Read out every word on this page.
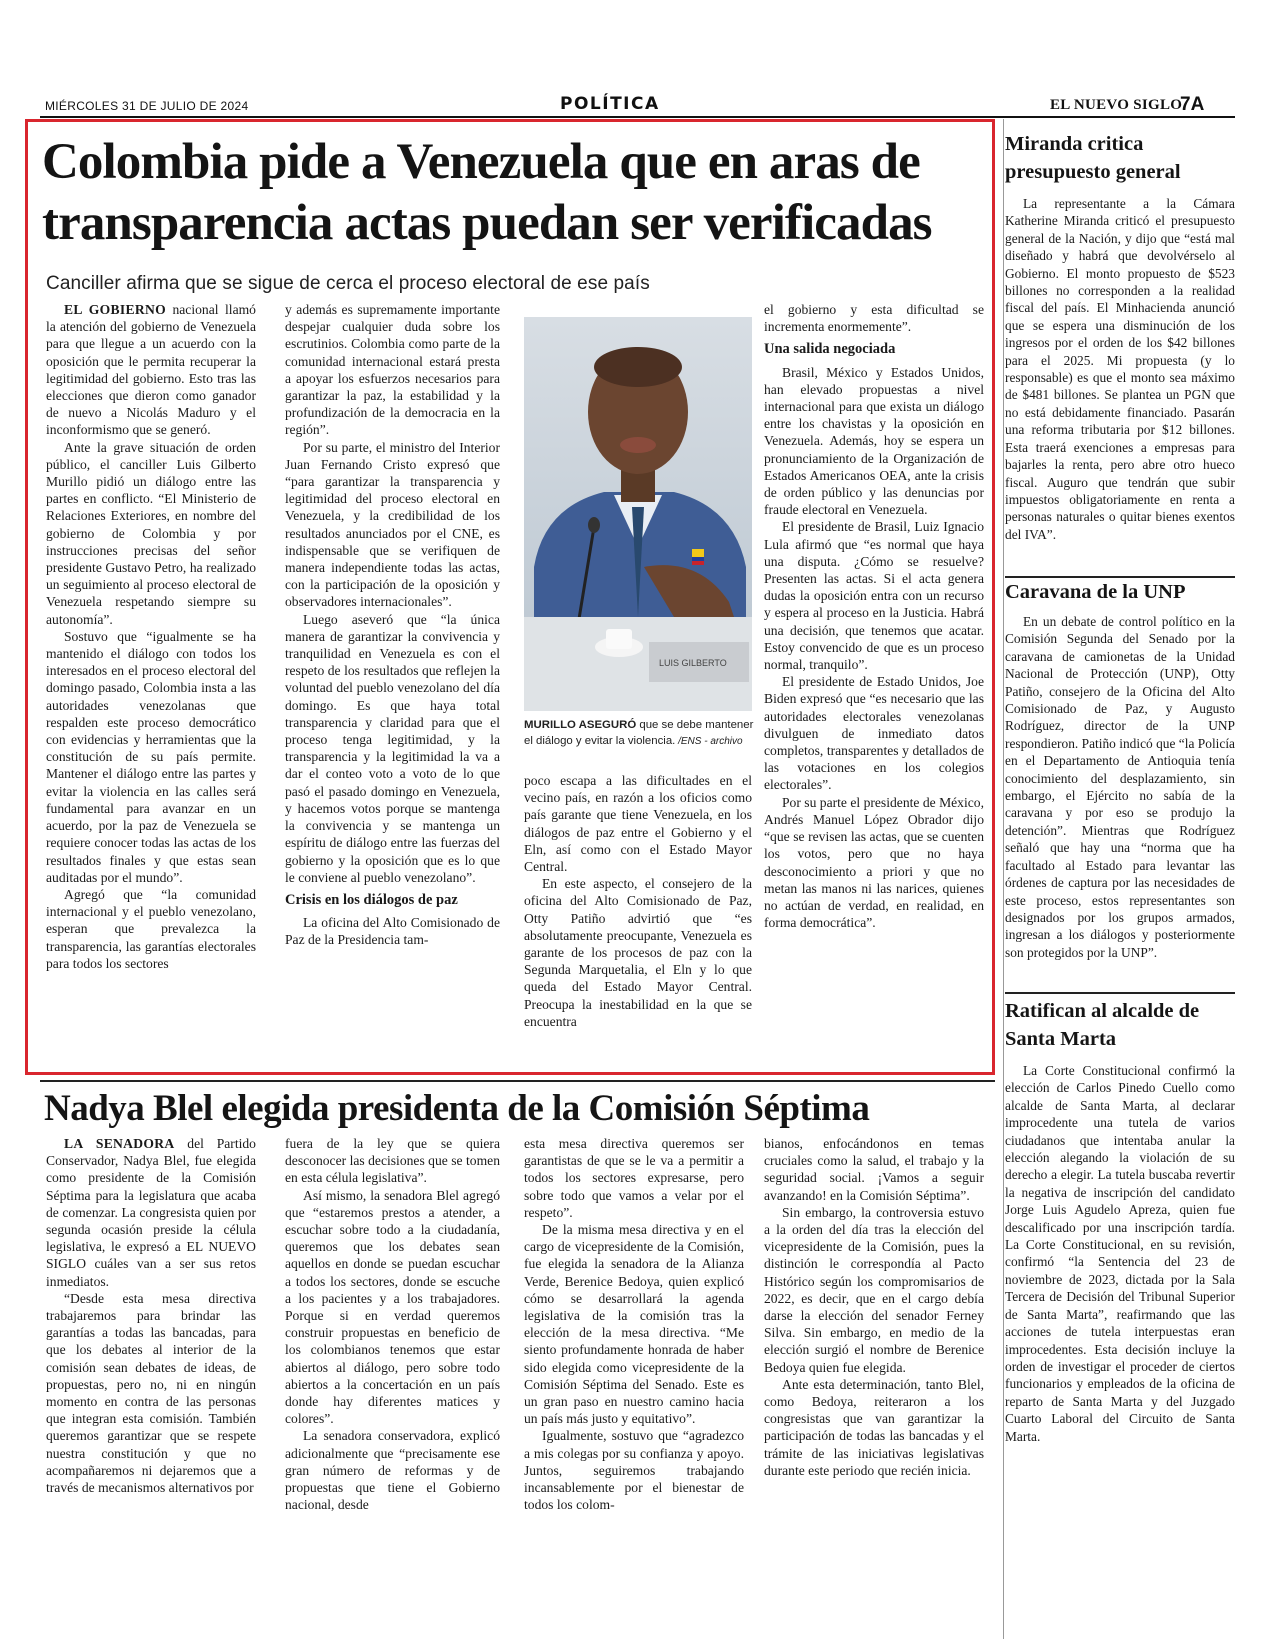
MIÉRCOLES 31 DE JULIO DE 2024	POLÍTICA	EL NUEVO SIGLO
7A
Colombia pide a Venezuela que en aras de transparencia actas puedan ser verificadas
Canciller afirma que se sigue de cerca el proceso electoral de ese país

EL GOBIERNO nacional llamó la atención del gobierno de Venezuela para que llegue a un acuerdo con la oposición que le permita recuperar la legitimidad del gobierno. Esto tras las elecciones que dieron como ganador de nuevo a Nicolás Maduro y el inconformismo que se generó.

Ante la grave situación de orden público, el canciller Luis Gilberto Murillo pidió un diálogo entre las partes en conflicto. “El Ministerio de Relaciones Exteriores, en nombre del gobierno de Colombia y por instrucciones precisas del señor presidente Gustavo Petro, ha realizado un seguimiento al proceso electoral de Venezuela respetando siempre su autonomía”.

Sostuvo que “igualmente se ha mantenido el diálogo con todos los interesados en el proceso electoral del domingo pasado, Colombia insta a las autoridades venezolanas que respalden este proceso democrático con evidencias y herramientas que la constitución de su país permite. Mantener el diálogo entre las partes y evitar la violencia en las calles será fundamental para avanzar en un acuerdo, por la paz de Venezuela se requiere conocer todas las actas de los resultados finales y que estas sean auditadas por el mundo”.

Agregó que “la comunidad internacional y el pueblo venezolano, esperan que prevalezca la transparencia, las garantías electorales para todos los sectores

y además es supremamente importante despejar cualquier duda sobre los escrutinios. Colombia como parte de la comunidad internacional estará presta a apoyar los esfuerzos necesarios para garantizar la paz, la estabilidad y la profundización de la democracia en la región”.

Por su parte, el ministro del Interior Juan Fernando Cristo expresó que “para garantizar la transparencia y legitimidad del proceso electoral en Venezuela, y la credibilidad de los resultados anunciados por el CNE, es indispensable que se verifiquen de manera independiente todas las actas, con la participación de la oposición y observadores internacionales”.

Luego aseveró que “la única manera de garantizar la convivencia y tranquilidad en Venezuela es con el respeto de los resultados que reflejen la voluntad del pueblo venezolano del día domingo. Es que haya total transparencia y claridad para que el proceso tenga legitimidad, y la transparencia y la legitimidad la va a dar el conteo voto a voto de lo que pasó el pasado domingo en Venezuela, y hacemos votos porque se mantenga la convivencia y se mantenga un espíritu de diálogo entre las fuerzas del gobierno y la oposición que es lo que le conviene al pueblo venezolano”.

Crisis en los diálogos de paz

La oficina del Alto Comisionado de Paz de la Presidencia tam-

poco escapa a las dificultades en el vecino país, en razón a los oficios como país garante que tiene Venezuela, en los diálogos de paz entre el Gobierno y el Eln, así como con el Estado Mayor Central.

En este aspecto, el consejero de la oficina del Alto Comisionado de Paz, Otty Patiño advirtió que “es absolutamente preocupante, Venezuela es garante de los procesos de paz con la Segunda Marquetalia, el Eln y lo que queda del Estado Mayor Central. Preocupa la inestabilidad en la que se encuentra

el gobierno y esta dificultad se incrementa enormemente”.

Una salida negociada

Brasil, México y Estados Unidos, han elevado propuestas a nivel internacional para que exista un diálogo entre los chavistas y la oposición en Venezuela. Además, hoy se espera un pronunciamiento de la Organización de Estados Americanos OEA, ante la crisis de orden público y las denuncias por fraude electoral en Venezuela.

El presidente de Brasil, Luiz Ignacio Lula afirmó que “es normal que haya una disputa. ¿Cómo se resuelve? Presenten las actas. Si el acta genera dudas la oposición entra con un recurso y espera al proceso en la Justicia. Habrá una decisión, que tenemos que acatar. Estoy convencido de que es un proceso normal, tranquilo”.

El presidente de Estado Unidos, Joe Biden expresó que “es necesario que las autoridades electorales venezolanas divulguen de inmediato datos completos, transparentes y detallados de las votaciones en los colegios electorales”.

Por su parte el presidente de México, Andrés Manuel López Obrador dijo “que se revisen las actas, que se cuenten los votos, pero que no haya desconocimiento a priori y que no metan las manos ni las narices, quienes no actúan de verdad, en realidad, en forma democrática”.

LUIS GILBERTO
MURILLO ASEGURÓ que se debe mantener el diálogo y evitar la violencia. /ENS - archivo
Miranda critica presupuesto general

La representante a la Cámara Katherine Miranda criticó el presupuesto general de la Nación, y dijo que “está mal diseñado y habrá que devolvérselo al Gobierno. El monto propuesto de $523 billones no corresponden a la realidad fiscal del país. El Minhacienda anunció que se espera una disminución de los ingresos por el orden de los $42 billones para el 2025. Mi propuesta (y lo responsable) es que el monto sea máximo de $481 billones. Se plantea un PGN que no está debidamente financiado. Pasarán una reforma tributaria por $12 billones. Esta traerá exenciones a empresas para bajarles la renta, pero abre otro hueco fiscal. Auguro que tendrán que subir impuestos obligatoriamente en renta a personas naturales o quitar bienes exentos del IVA”.

Caravana de la UNP

En un debate de control político en la Comisión Segunda del Senado por la caravana de camionetas de la Unidad Nacional de Protección (UNP), Otty Patiño, consejero de la Oficina del Alto Comisionado de Paz, y Augusto Rodríguez, director de la UNP respondieron. Patiño indicó que “la Policía en el Departamento de Antioquia tenía conocimiento del desplazamiento, sin embargo, el Ejército no sabía de la caravana y por eso se produjo la detención”. Mientras que Rodríguez señaló que hay una “norma que ha facultado al Estado para levantar las órdenes de captura por las necesidades de este proceso, estos representantes son designados por los grupos armados, ingresan a los diálogos y posteriormente son protegidos por la UNP”.

Ratifican al alcalde de Santa Marta

La Corte Constitucional confirmó la elección de Carlos Pinedo Cuello como alcalde de Santa Marta, al declarar improcedente una tutela de varios ciudadanos que intentaba anular la elección alegando la violación de su derecho a elegir. La tutela buscaba revertir la negativa de inscripción del candidato Jorge Luis Agudelo Apreza, quien fue descalificado por una inscripción tardía. La Corte Constitucional, en su revisión, confirmó “la Sentencia del 23 de noviembre de 2023, dictada por la Sala Tercera de Decisión del Tribunal Superior de Santa Marta”, reafirmando que las acciones de tutela interpuestas eran improcedentes. Esta decisión incluye la orden de investigar el proceder de ciertos funcionarios y empleados de la oficina de reparto de Santa Marta y del Juzgado Cuarto Laboral del Circuito de Santa Marta.

Nadya Blel elegida presidenta de la Comisión Séptima

LA SENADORA del Partido Conservador, Nadya Blel, fue elegida como presidente de la Comisión Séptima para la legislatura que acaba de comenzar. La congresista quien por segunda ocasión preside la célula legislativa, le expresó a EL NUEVO SIGLO cuáles van a ser sus retos inmediatos.

“Desde esta mesa directiva trabajaremos para brindar las garantías a todas las bancadas, para que los debates al interior de la comisión sean debates de ideas, de propuestas, pero no, ni en ningún momento en contra de las personas que integran esta comisión. También queremos garantizar que se respete nuestra constitución y que no acompañaremos ni dejaremos que a través de mecanismos alternativos por

fuera de la ley que se quiera desconocer las decisiones que se tomen en esta célula legislativa”.

Así mismo, la senadora Blel agregó que “estaremos prestos a atender, a escuchar sobre todo a la ciudadanía, queremos que los debates sean aquellos en donde se puedan escuchar a todos los sectores, donde se escuche a los pacientes y a los trabajadores. Porque si en verdad queremos construir propuestas en beneficio de los colombianos tenemos que estar abiertos al diálogo, pero sobre todo abiertos a la concertación en un país donde hay diferentes matices y colores”.

La senadora conservadora, explicó adicionalmente que “precisamente ese gran número de reformas y de propuestas que tiene el Gobierno nacional, desde

esta mesa directiva queremos ser garantistas de que se le va a permitir a todos los sectores expresarse, pero sobre todo que vamos a velar por el respeto”.

De la misma mesa directiva y en el cargo de vicepresidente de la Comisión, fue elegida la senadora de la Alianza Verde, Berenice Bedoya, quien explicó cómo se desarrollará la agenda legislativa de la comisión tras la elección de la mesa directiva. “Me siento profundamente honrada de haber sido elegida como vicepresidente de la Comisión Séptima del Senado. Este es un gran paso en nuestro camino hacia un país más justo y equitativo”.

Igualmente, sostuvo que “agradezco a mis colegas por su confianza y apoyo. Juntos, seguiremos trabajando incansablemente por el bienestar de todos los colom-

bianos, enfocándonos en temas cruciales como la salud, el trabajo y la seguridad social. ¡Vamos a seguir avanzando! en la Comisión Séptima”.

Sin embargo, la controversia estuvo a la orden del día tras la elección del vicepresidente de la Comisión, pues la distinción le correspondía al Pacto Histórico según los compromisarios de 2022, es decir, que en el cargo debía darse la elección del senador Ferney Silva. Sin embargo, en medio de la elección surgió el nombre de Berenice Bedoya quien fue elegida.

Ante esta determinación, tanto Blel, como Bedoya, reiteraron a los congresistas que van garantizar la participación de todas las bancadas y el trámite de las iniciativas legislativas durante este periodo que recién inicia.
